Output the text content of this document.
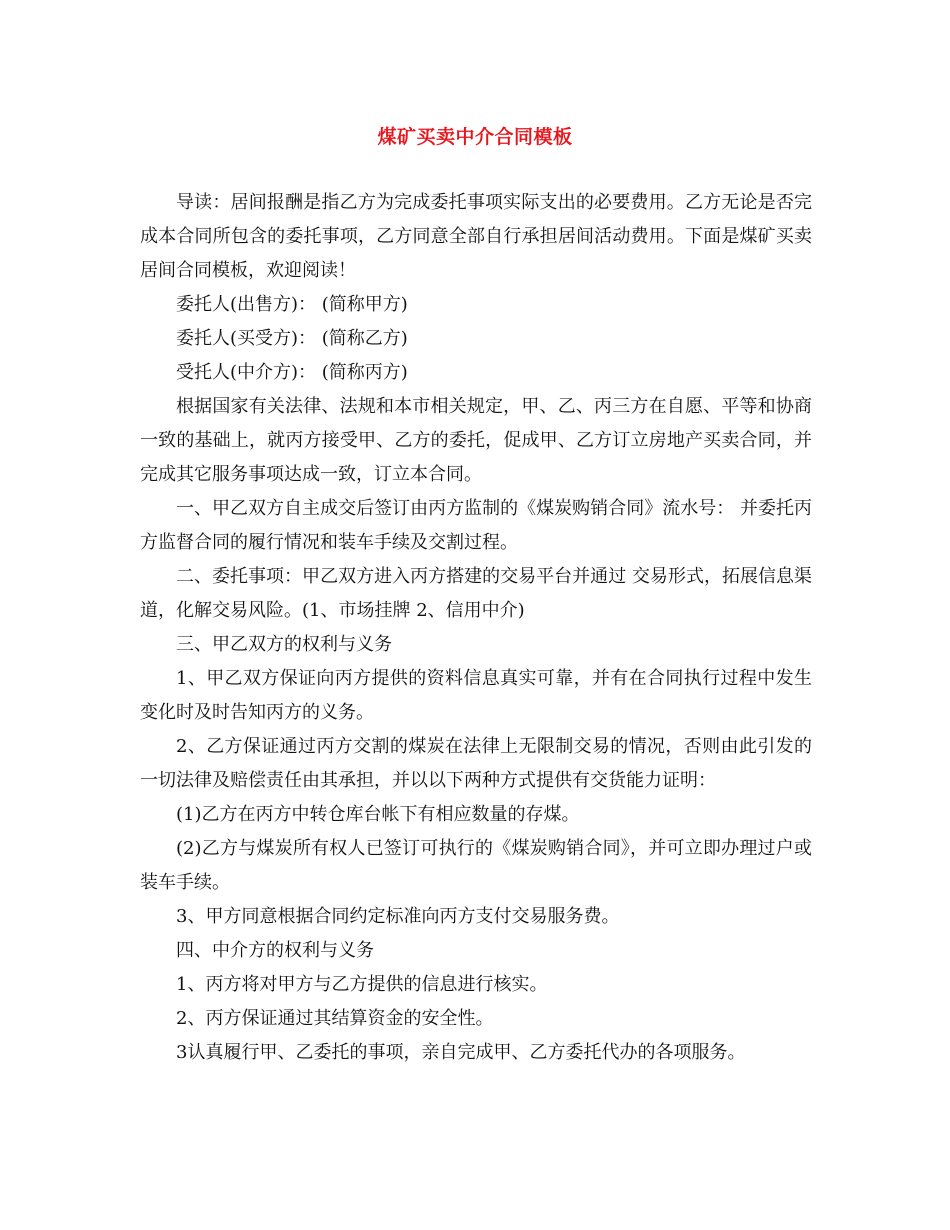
煤矿买卖中介合同模板

导读：居间报酬是指乙方为完成委托事项实际支出的必要费用。乙方无论是否完成本合同所包含的委托事项，乙方同意全部自行承担居间活动费用。下面是煤矿买卖居间合同模板，欢迎阅读！

委托人(出售方)： (简称甲方)

委托人(买受方)： (简称乙方)

受托人(中介方)： (简称丙方)

根据国家有关法律、法规和本市相关规定，甲、乙、丙三方在自愿、平等和协商一致的基础上，就丙方接受甲、乙方的委托，促成甲、乙方订立房地产买卖合同，并完成其它服务事项达成一致，订立本合同。

一、甲乙双方自主成交后签订由丙方监制的《煤炭购销合同》流水号： 并委托丙方监督合同的履行情况和装车手续及交割过程。

二、委托事项：甲乙双方进入丙方搭建的交易平台并通过 交易形式，拓展信息渠道，化解交易风险。(1、市场挂牌 2、信用中介)

三、甲乙双方的权利与义务

1、甲乙双方保证向丙方提供的资料信息真实可靠，并有在合同执行过程中发生变化时及时告知丙方的义务。

2、乙方保证通过丙方交割的煤炭在法律上无限制交易的情况，否则由此引发的一切法律及赔偿责任由其承担，并以以下两种方式提供有交货能力证明：

(1)乙方在丙方中转仓库台帐下有相应数量的存煤。

(2)乙方与煤炭所有权人已签订可执行的《煤炭购销合同》，并可立即办理过户或装车手续。

3、甲方同意根据合同约定标准向丙方支付交易服务费。

四、中介方的权利与义务

1、丙方将对甲方与乙方提供的信息进行核实。

2、丙方保证通过其结算资金的安全性。

3认真履行甲、乙委托的事项，亲自完成甲、乙方委托代办的各项服务。
